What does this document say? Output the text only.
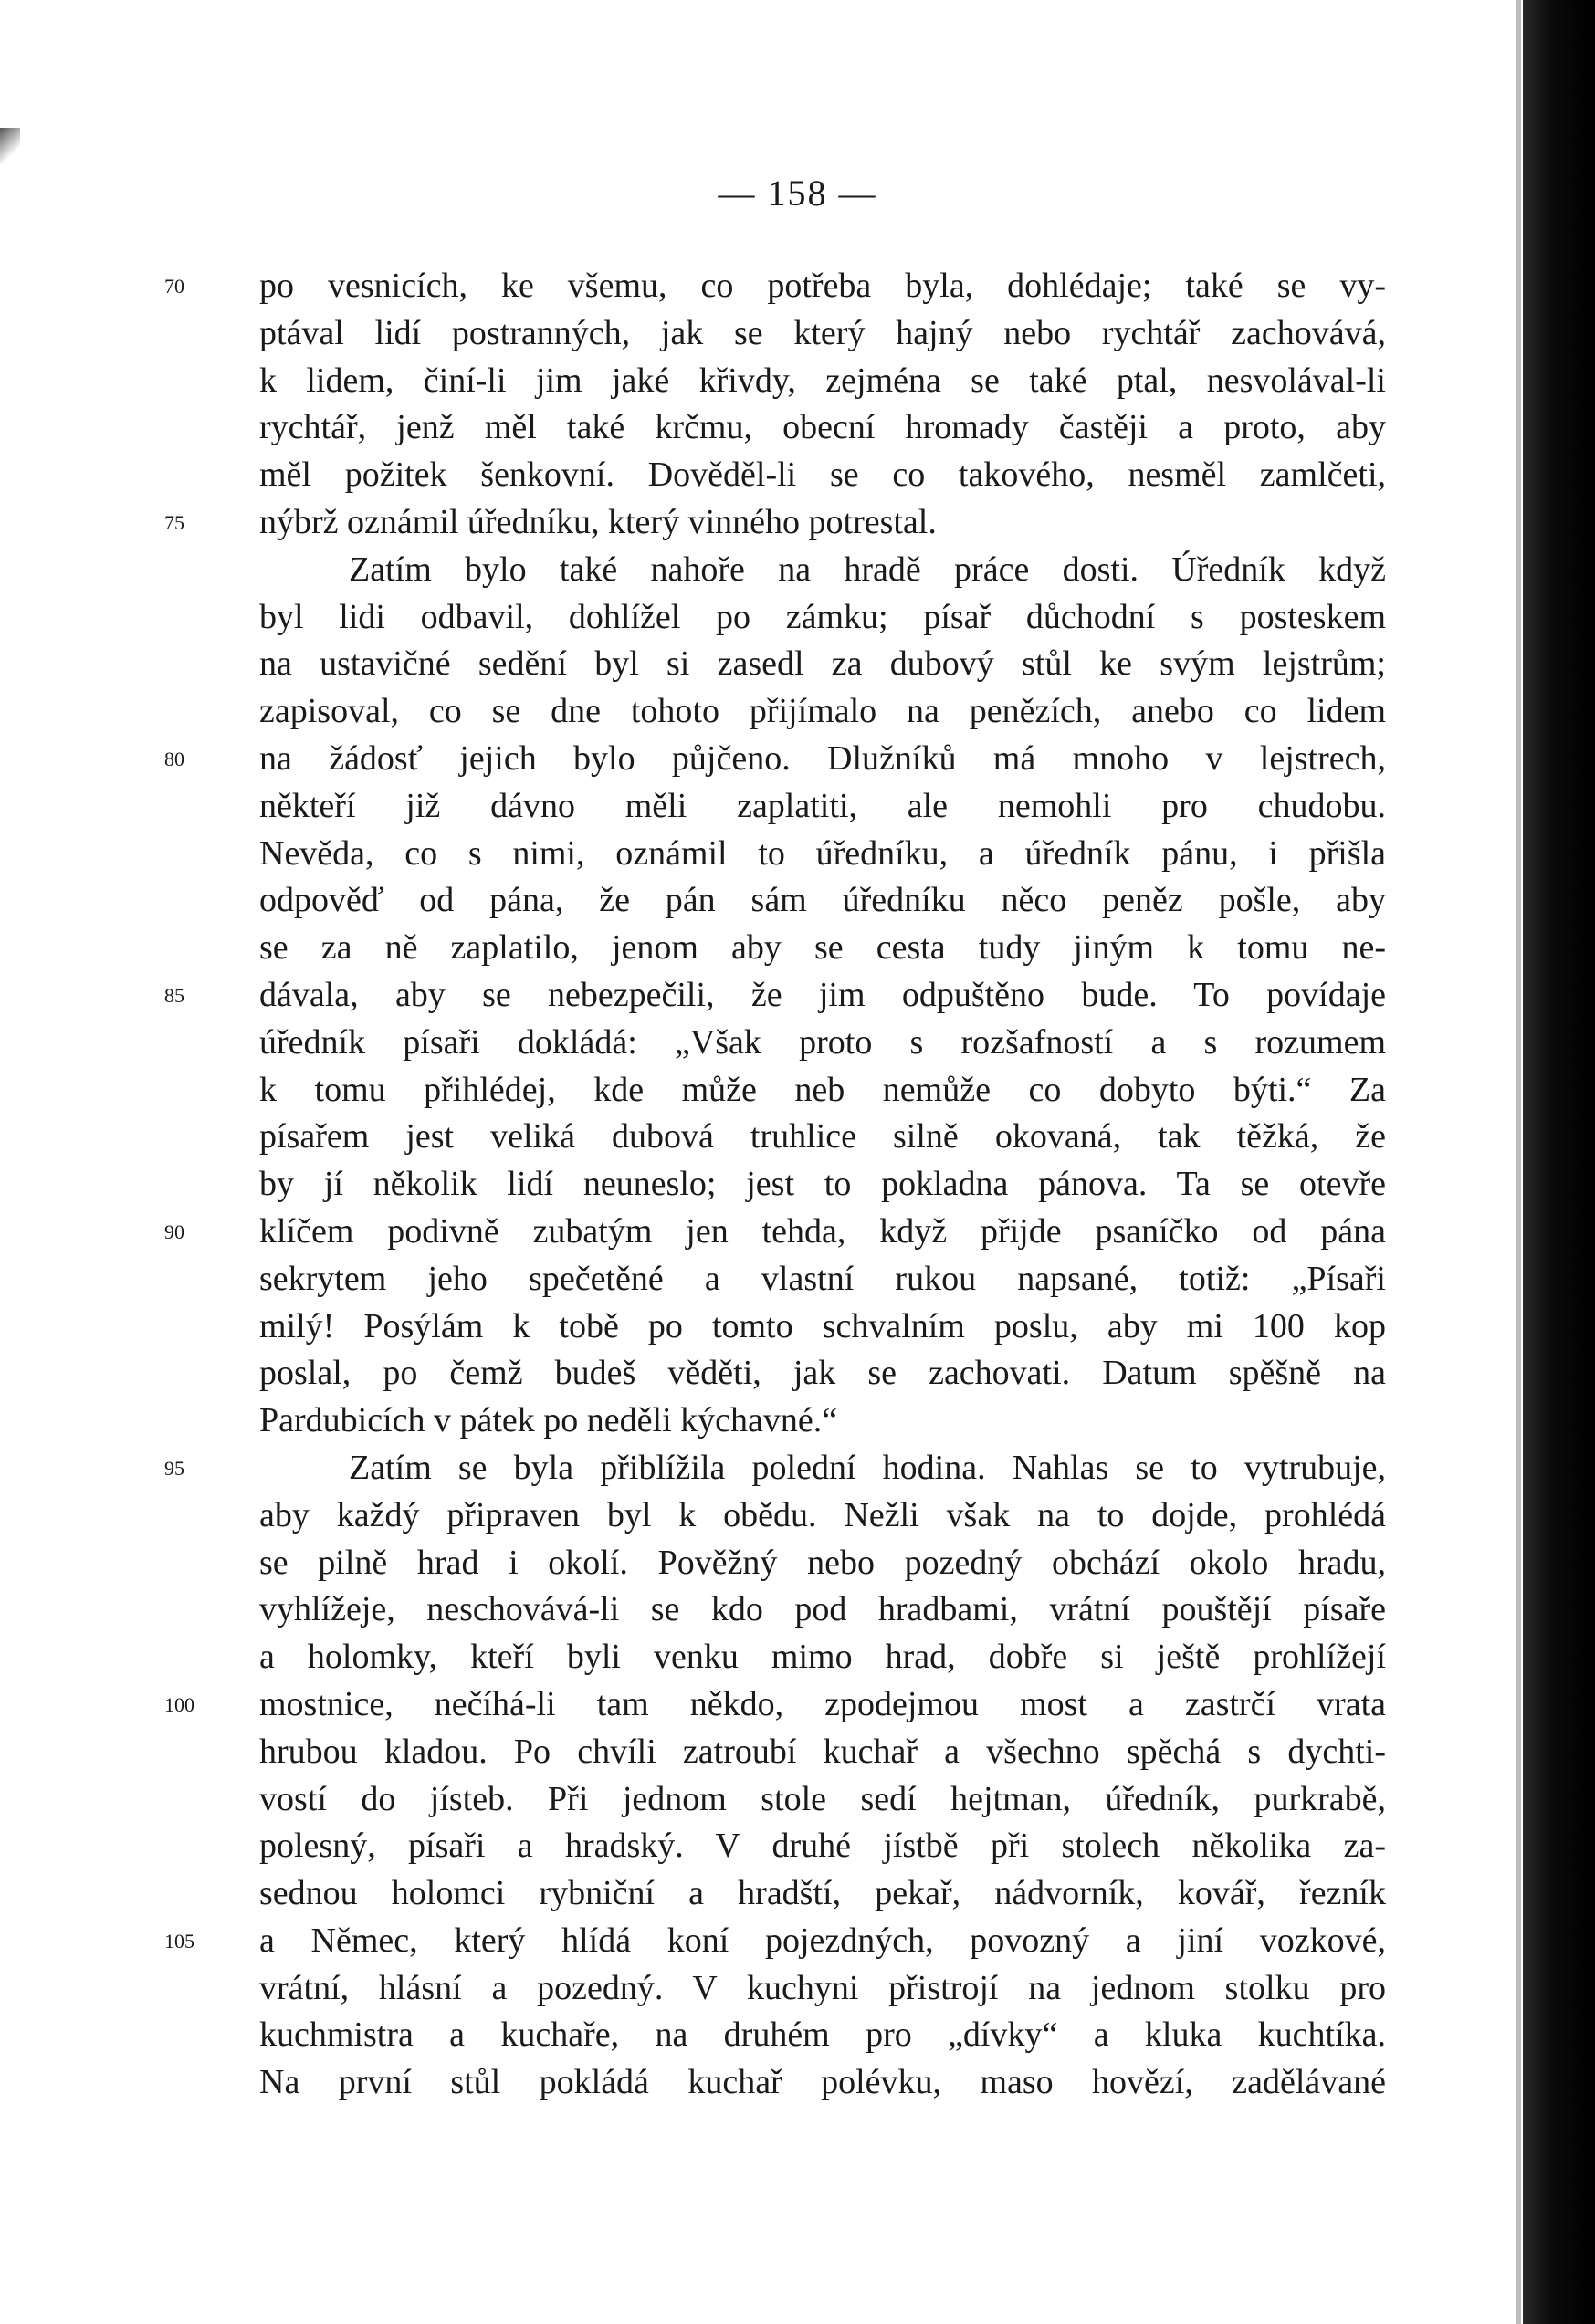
— 158 —
70	po vesnicích, ke všemu, co potřeba byla, dohlédaje; také se vy-
ptával lidí postranných, jak se který hajný nebo rychtář zachovává,
k lidem, činí-li jim jaké křivdy, zejména se také ptal, nesvolával-li
rychtář, jenž měl také krčmu, obecní hromady častěji a proto, aby
měl požitek šenkovní. Dověděl-li se co takového, nesměl zamlčeti,
75	nýbrž oznámil úředníku, který vinného potrestal.
Zatím bylo také nahoře na hradě práce dosti. Úředník když
byl lidi odbavil, dohlížel po zámku; písař důchodní s posteskem
na ustavičné sedění byl si zasedl za dubový stůl ke svým lejstrům;
zapisoval, co se dne tohoto přijímalo na penězích, anebo co lidem
80	na žádosť jejich bylo půjčeno. Dlužníků má mnoho v lejstrech,
někteří již dávno měli zaplatiti, ale nemohli pro chudobu.
Nevěda, co s nimi, oznámil to úředníku, a úředník pánu, i přišla
odpověď od pána, že pán sám úředníku něco peněz pošle, aby
se za ně zaplatilo, jenom aby se cesta tudy jiným k tomu ne-
85	dávala, aby se nebezpečili, že jim odpuštěno bude. To povídaje
úředník písaři dokládá: „Však proto s rozšafností a s rozumem
k tomu přihlédej, kde může neb nemůže co dobyto býti.“ Za
písařem jest veliká dubová truhlice silně okovaná, tak těžká, že
by jí několik lidí neuneslo; jest to pokladna pánova. Ta se otevře
90	klíčem podivně zubatým jen tehda, když přijde psaníčko od pána
sekrytem jeho spečetěné a vlastní rukou napsané, totiž: „Písaři
milý! Posýlám k tobě po tomto schvalním poslu, aby mi 100 kop
poslal, po čemž budeš věděti, jak se zachovati. Datum spěšně na
Pardubicích v pátek po neděli kýchavné.“
95	Zatím se byla přiblížila polední hodina. Nahlas se to vytrubuje,
aby každý připraven byl k obědu. Nežli však na to dojde, prohlédá
se pilně hrad i okolí. Pověžný nebo pozedný obchází okolo hradu,
vyhlížeje, neschovává-li se kdo pod hradbami, vrátní pouštějí písaře
a holomky, kteří byli venku mimo hrad, dobře si ještě prohlížejí
100	mostnice, nečíhá-li tam někdo, zpodejmou most a zastrčí vrata
hrubou kladou. Po chvíli zatroubí kuchař a všechno spěchá s dychti-
vostí do jísteb. Při jednom stole sedí hejtman, úředník, purkrabě,
polesný, písaři a hradský. V druhé jístbě při stolech několika za-
sednou holomci rybniční a hradští, pekař, nádvorník, kovář, řezník
105	a Němec, který hlídá koní pojezdných, povozný a jiní vozkové,
vrátní, hlásní a pozedný. V kuchyni přistrojí na jednom stolku pro
kuchmistra a kuchaře, na druhém pro „dívky“ a kluka kuchtíka.
Na první stůl pokládá kuchař polévku, maso hovězí, zadělávané
